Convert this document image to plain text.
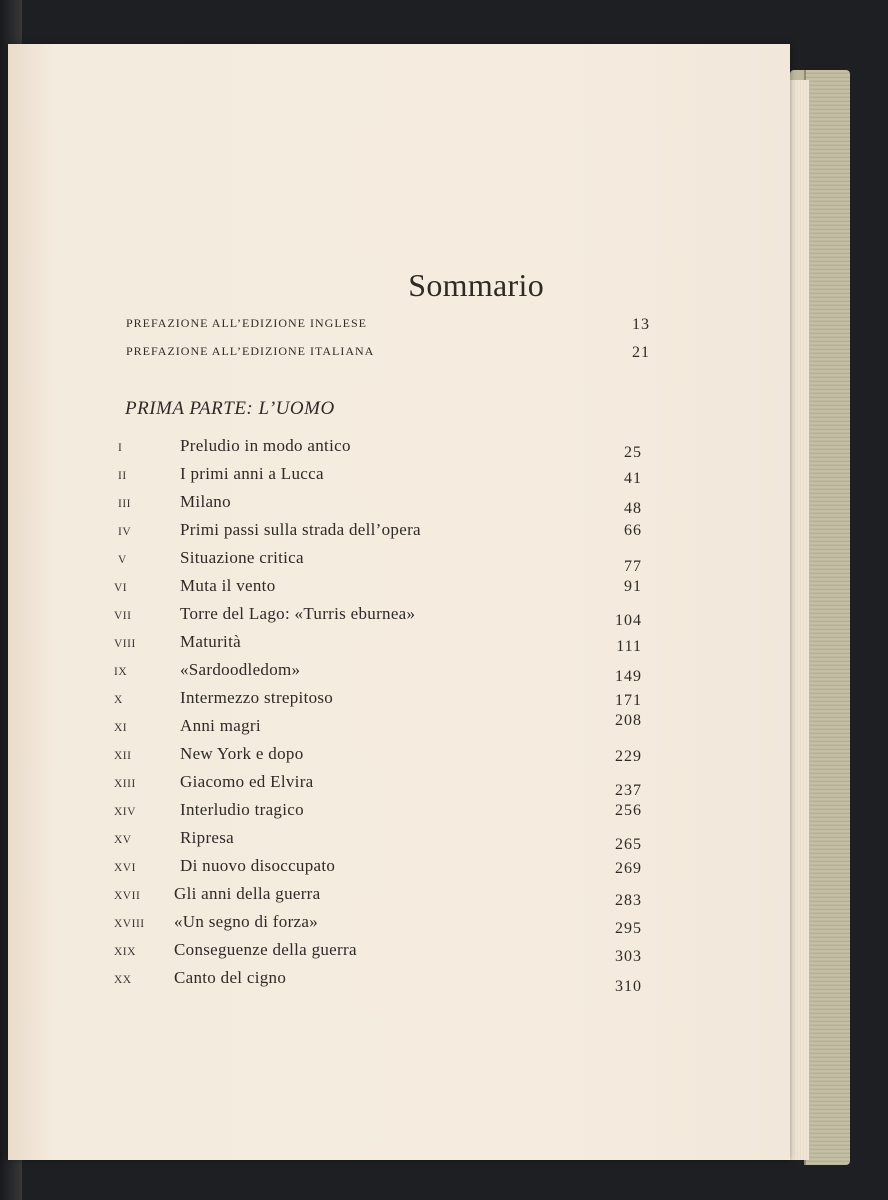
Sommario
PREFAZIONE ALL’EDIZIONE INGLESE	13
PREFAZIONE ALL’EDIZIONE ITALIANA	21
PRIMA PARTE: L’UOMO
I	Preludio in modo antico	25
II	I primi anni a Lucca	41
III	Milano	48
IV	Primi passi sulla strada dell’opera	66
V	Situazione critica	77
VI	Muta il vento	91
VII	Torre del Lago: «Turris eburnea»	104
VIII	Maturità	111
IX	«Sardoodledom»	149
X	Intermezzo strepitoso	171
XI	Anni magri	208
XII	New York e dopo	229
XIII	Giacomo ed Elvira	237
XIV	Interludio tragico	256
XV	Ripresa	265
XVI	Di nuovo disoccupato	269
XVII Gli anni della guerra	283
XVIII «Un segno di forza»	295
XIX Conseguenze della guerra	303
XX Canto del cigno	310
